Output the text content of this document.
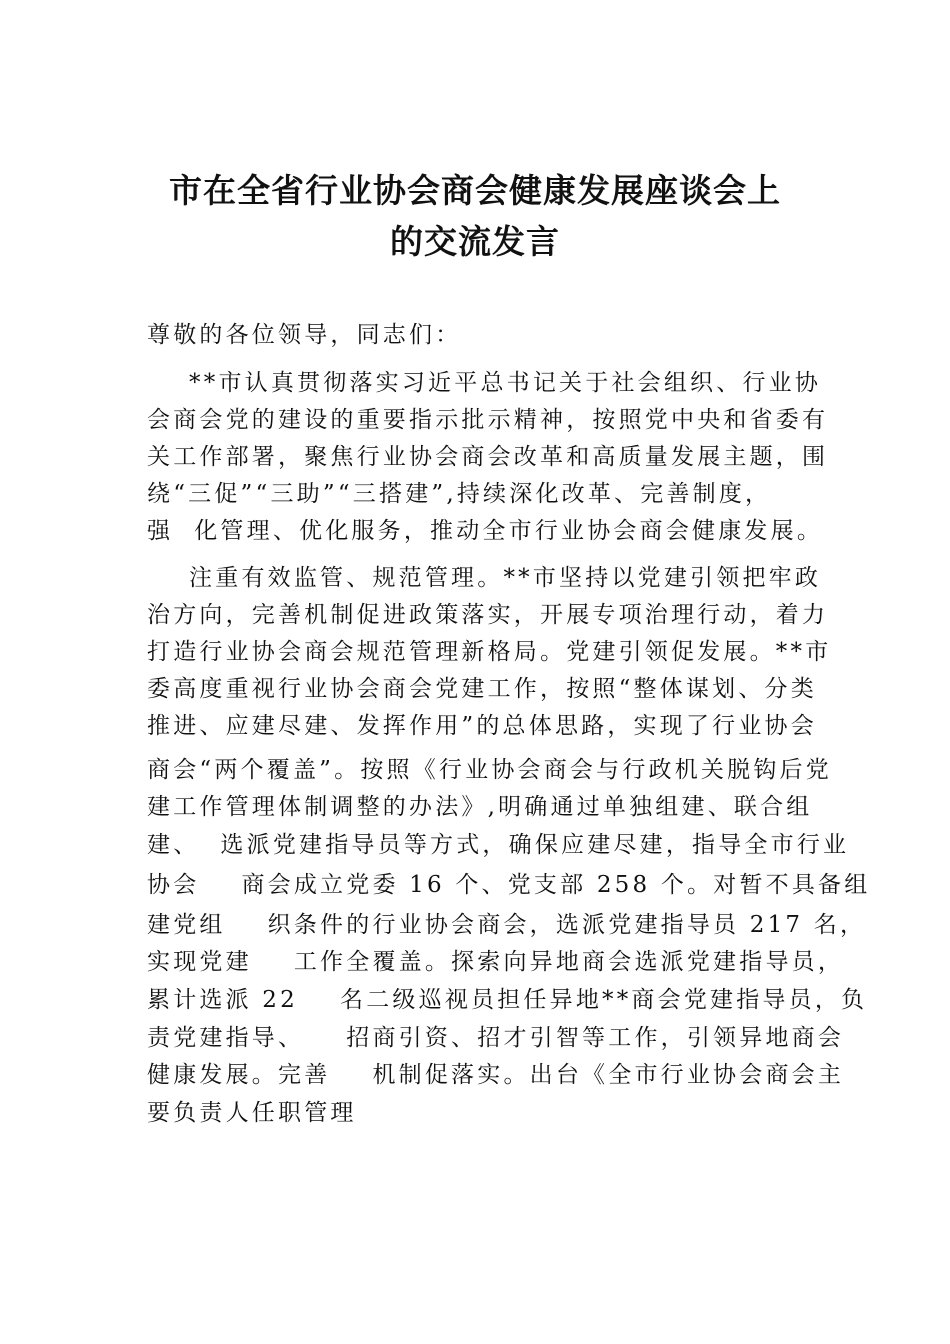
市在全省行业协会商会健康发展座谈会上
的交流发言
尊敬的各位领导，同志们：
**市认真贯彻落实习近平总书记关于社会组织、行业协
会商会党的建设的重要指示批示精神，按照党中央和省委有
关工作部署，聚焦行业协会商会改革和高质量发展主题，围
绕“三促”“三助”“三搭建”,持续深化改革、完善制度，
强  化管理、优化服务，推动全市行业协会商会健康发展。
注重有效监管、规范管理。**市坚持以党建引领把牢政
治方向，完善机制促进政策落实，开展专项治理行动，着力
打造行业协会商会规范管理新格局。党建引领促发展。**市
委高度重视行业协会商会党建工作，按照“整体谋划、分类
推进、应建尽建、发挥作用”的总体思路，实现了行业协会
商会“两个覆盖”。按照《行业协会商会与行政机关脱钩后党
建工作管理体制调整的办法》,明确通过单独组建、联合组
建、  选派党建指导员等方式，确保应建尽建，指导全市行业
协会    商会成立党委 16 个、党支部 258 个。对暂不具备组
建党组    织条件的行业协会商会，选派党建指导员 217 名，
实现党建    工作全覆盖。探索向异地商会选派党建指导员，
累计选派 22    名二级巡视员担任异地**商会党建指导员，负
责党建指导、    招商引资、招才引智等工作，引领异地商会
健康发展。完善    机制促落实。出台《全市行业协会商会主
要负责人任职管理
